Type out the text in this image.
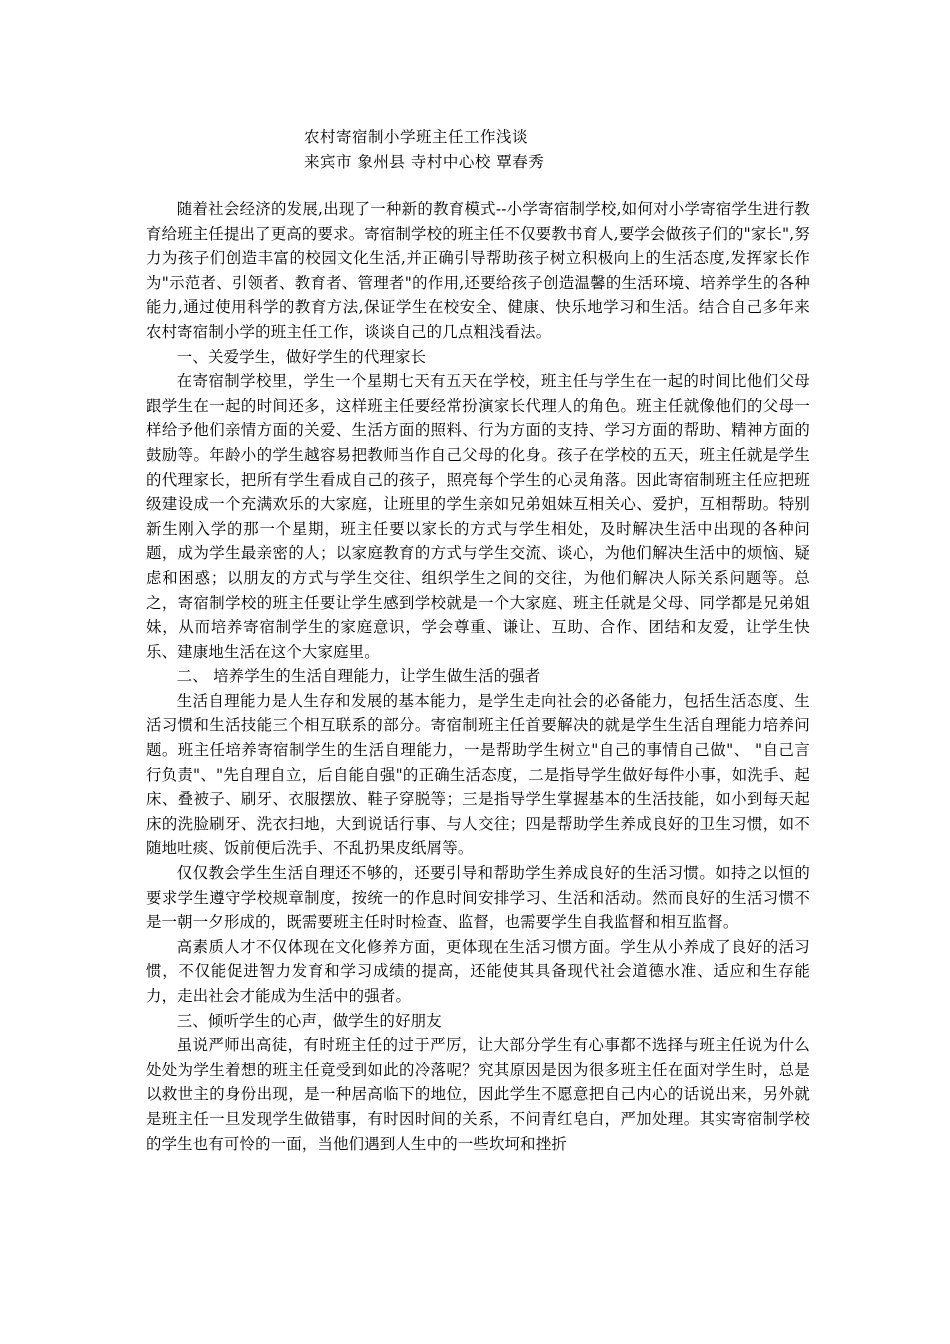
农村寄宿制小学班主任工作浅谈
来宾市 象州县 寺村中心校 覃春秀

随着社会经济的发展,出现了一种新的教育模式--小学寄宿制学校,如何对小学寄宿学生进行教育给班主任提出了更高的要求。寄宿制学校的班主任不仅要教书育人,要学会做孩子们的"家长",努力为孩子们创造丰富的校园文化生活,并正确引导帮助孩子树立积极向上的生活态度,发挥家长作为"示范者、引领者、教育者、管理者"的作用,还要给孩子创造温馨的生活环境、培养学生的各种能力,通过使用科学的教育方法,保证学生在校安全、健康、快乐地学习和生活。结合自己多年来农村寄宿制小学的班主任工作，谈谈自己的几点粗浅看法。

一、关爱学生，做好学生的代理家长

在寄宿制学校里，学生一个星期七天有五天在学校，班主任与学生在一起的时间比他们父母跟学生在一起的时间还多，这样班主任要经常扮演家长代理人的角色。班主任就像他们的父母一样给予他们亲情方面的关爱、生活方面的照料、行为方面的支持、学习方面的帮助、精神方面的鼓励等。年龄小的学生越容易把教师当作自己父母的化身。孩子在学校的五天，班主任就是学生的代理家长，把所有学生看成自己的孩子，照亮每个学生的心灵角落。因此寄宿制班主任应把班级建设成一个充满欢乐的大家庭，让班里的学生亲如兄弟姐妹互相关心、爱护，互相帮助。特别新生刚入学的那一个星期，班主任要以家长的方式与学生相处，及时解决生活中出现的各种问题，成为学生最亲密的人；以家庭教育的方式与学生交流、谈心，为他们解决生活中的烦恼、疑虑和困惑；以朋友的方式与学生交往、组织学生之间的交往，为他们解决人际关系问题等。总之，寄宿制学校的班主任要让学生感到学校就是一个大家庭、班主任就是父母、同学都是兄弟姐妹，从而培养寄宿制学生的家庭意识，学会尊重、谦让、互助、合作、团结和友爱，让学生快乐、建康地生活在这个大家庭里。

二、 培养学生的生活自理能力，让学生做生活的强者

生活自理能力是人生存和发展的基本能力，是学生走向社会的必备能力，包括生活态度、生活习惯和生活技能三个相互联系的部分。寄宿制班主任首要解决的就是学生生活自理能力培养问题。班主任培养寄宿制学生的生活自理能力，一是帮助学生树立"自己的事情自己做"、 "自己言行负责"、"先自理自立，后自能自强"的正确生活态度，二是指导学生做好每件小事，如洗手、起床、叠被子、刷牙、衣服摆放、鞋子穿脱等；三是指导学生掌握基本的生活技能，如小到每天起床的洗脸刷牙、洗衣扫地，大到说话行事、与人交往；四是帮助学生养成良好的卫生习惯，如不随地吐痰、饭前便后洗手、不乱扔果皮纸屑等。

仅仅教会学生生活自理还不够的，还要引导和帮助学生养成良好的生活习惯。如持之以恒的要求学生遵守学校规章制度，按统一的作息时间安排学习、生活和活动。然而良好的生活习惯不是一朝一夕形成的，既需要班主任时时检查、监督，也需要学生自我监督和相互监督。

高素质人才不仅体现在文化修养方面，更体现在生活习惯方面。学生从小养成了良好的活习惯，不仅能促进智力发育和学习成绩的提高，还能使其具备现代社会道德水准、适应和生存能力，走出社会才能成为生活中的强者。

三、倾听学生的心声，做学生的好朋友

虽说严师出高徒，有时班主任的过于严厉，让大部分学生有心事都不选择与班主任说为什么处处为学生着想的班主任竟受到如此的冷落呢？究其原因是因为很多班主任在面对学生时，总是以救世主的身份出现，是一种居高临下的地位，因此学生不愿意把自己内心的话说出来，另外就是班主任一旦发现学生做错事，有时因时间的关系，不问青红皂白，严加处理。其实寄宿制学校的学生也有可怜的一面，当他们遇到人生中的一些坎坷和挫折
